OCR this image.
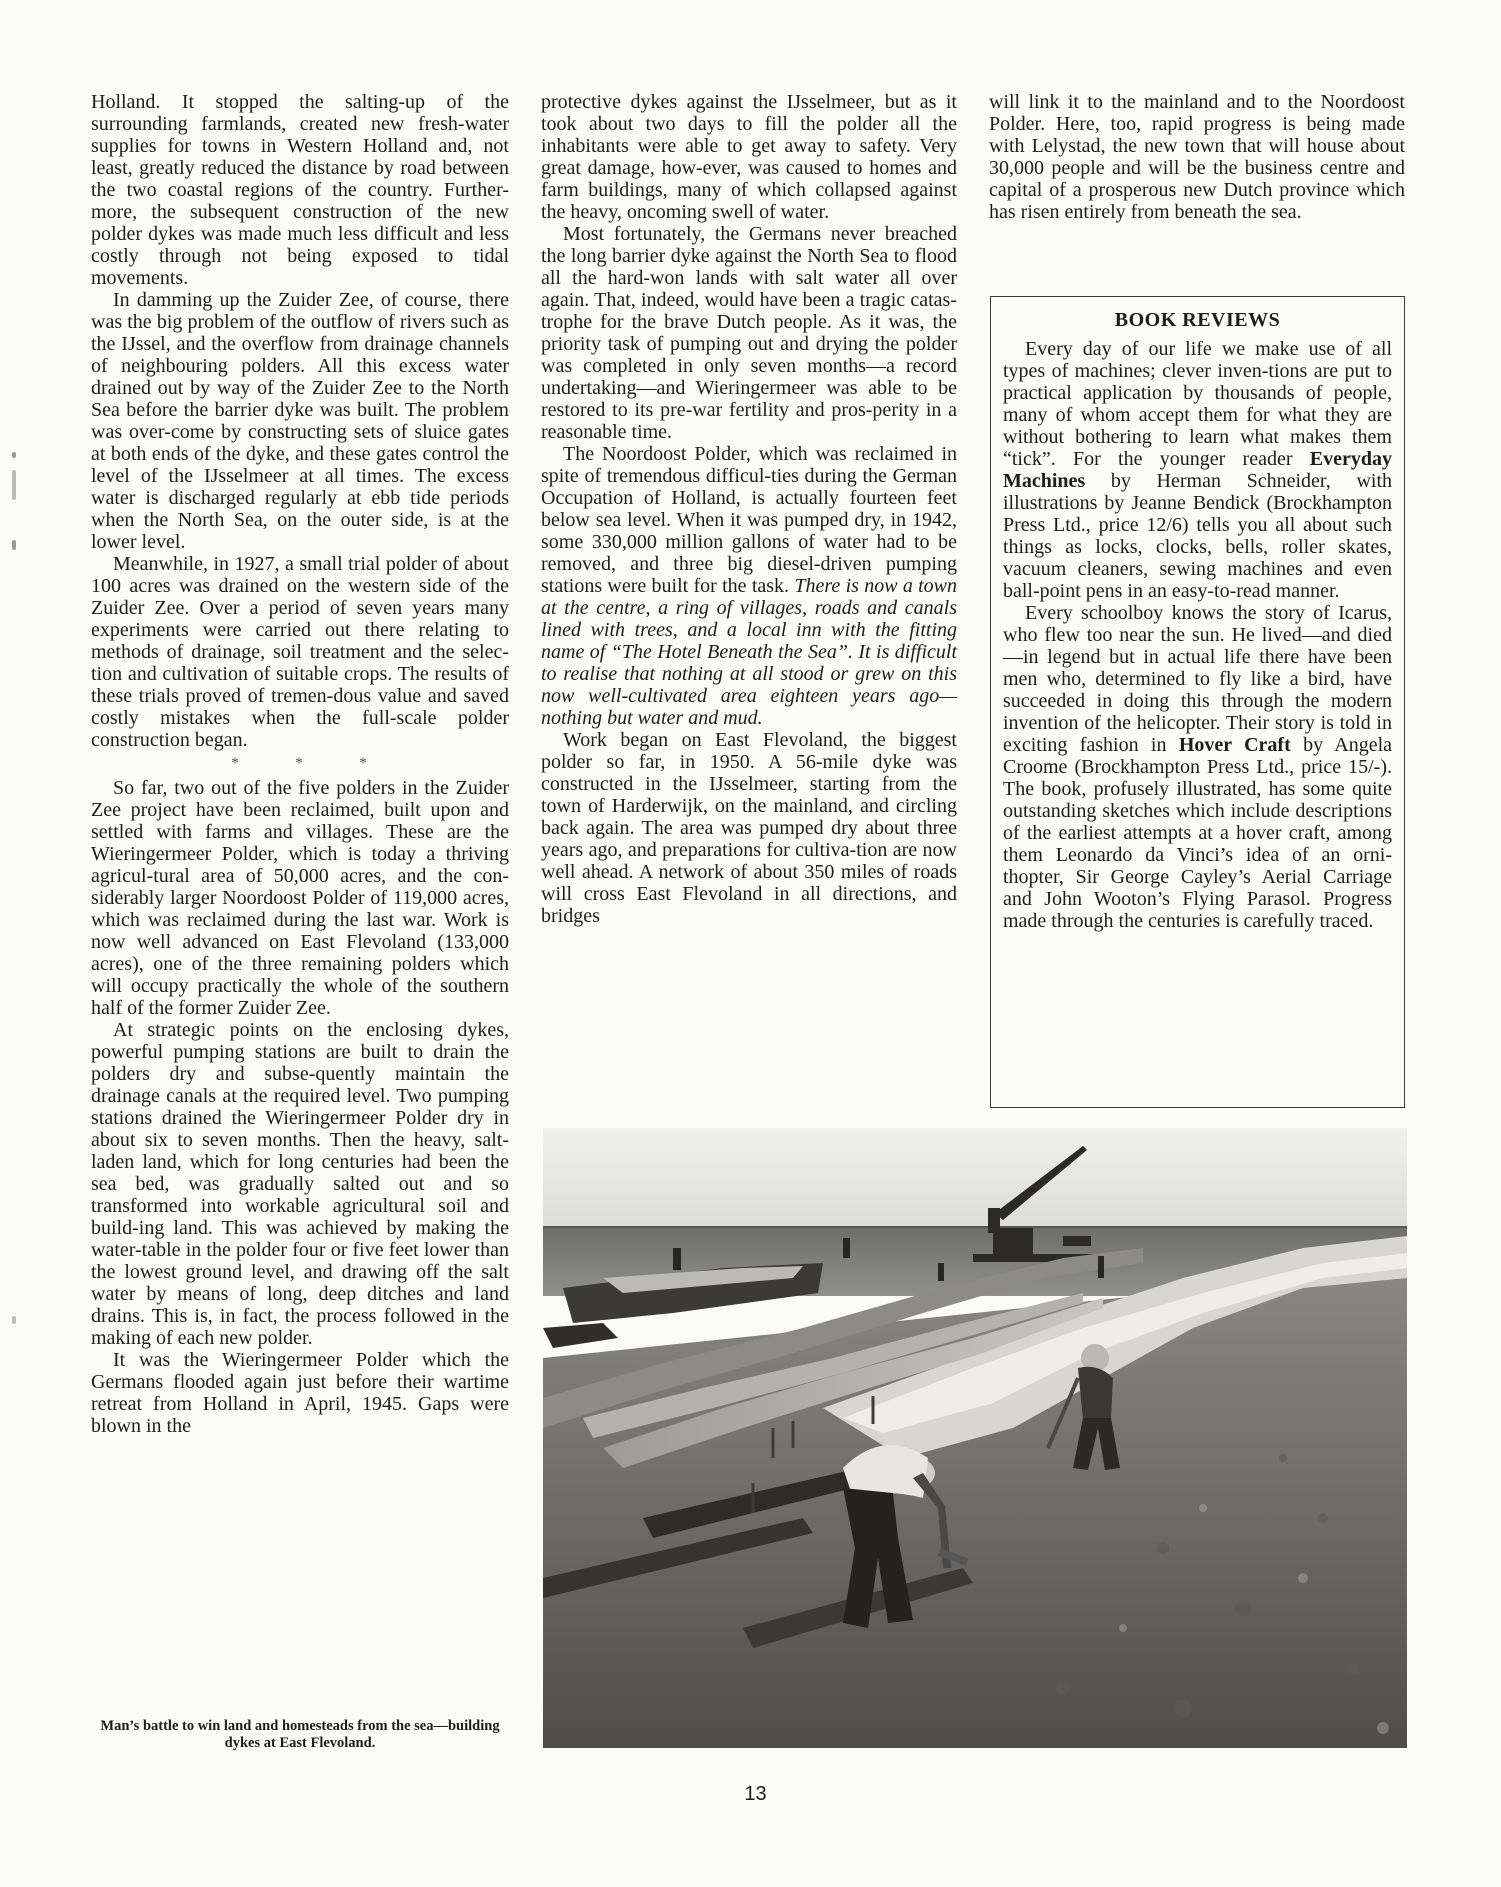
Holland. It stopped the salting-up of the surrounding farmlands, created new fresh-water supplies for towns in Western Holland and, not least, greatly reduced the distance by road between the two coastal regions of the country. Further-more, the subsequent construction of the new polder dykes was made much less difficult and less costly through not being exposed to tidal movements.

In damming up the Zuider Zee, of course, there was the big problem of the outflow of rivers such as the IJssel, and the overflow from drainage channels of neighbouring polders. All this excess water drained out by way of the Zuider Zee to the North Sea before the barrier dyke was built. The problem was over-come by constructing sets of sluice gates at both ends of the dyke, and these gates control the level of the IJsselmeer at all times. The excess water is discharged regularly at ebb tide periods when the North Sea, on the outer side, is at the lower level.

Meanwhile, in 1927, a small trial polder of about 100 acres was drained on the western side of the Zuider Zee. Over a period of seven years many experiments were carried out there relating to methods of drainage, soil treatment and the selec-tion and cultivation of suitable crops. The results of these trials proved of tremen-dous value and saved costly mistakes when the full-scale polder construction began.

* * *

So far, two out of the five polders in the Zuider Zee project have been reclaimed, built upon and settled with farms and villages. These are the Wieringermeer Polder, which is today a thriving agricul-tural area of 50,000 acres, and the con-siderably larger Noordoost Polder of 119,000 acres, which was reclaimed during the last war. Work is now well advanced on East Flevoland (133,000 acres), one of the three remaining polders which will occupy practically the whole of the southern half of the former Zuider Zee.

At strategic points on the enclosing dykes, powerful pumping stations are built to drain the polders dry and subse-quently maintain the drainage canals at the required level. Two pumping stations drained the Wieringermeer Polder dry in about six to seven months. Then the heavy, salt-laden land, which for long centuries had been the sea bed, was gradually salted out and so transformed into workable agricultural soil and build-ing land. This was achieved by making the water-table in the polder four or five feet lower than the lowest ground level, and drawing off the salt water by means of long, deep ditches and land drains. This is, in fact, the process followed in the making of each new polder.

It was the Wieringermeer Polder which the Germans flooded again just before their wartime retreat from Holland in April, 1945. Gaps were blown in the

protective dykes against the IJsselmeer, but as it took about two days to fill the polder all the inhabitants were able to get away to safety. Very great damage, how-ever, was caused to homes and farm buildings, many of which collapsed against the heavy, oncoming swell of water.

Most fortunately, the Germans never breached the long barrier dyke against the North Sea to flood all the hard-won lands with salt water all over again. That, indeed, would have been a tragic catas-trophe for the brave Dutch people. As it was, the priority task of pumping out and drying the polder was completed in only seven months—a record undertaking—and Wieringermeer was able to be restored to its pre-war fertility and pros-perity in a reasonable time.

The Noordoost Polder, which was reclaimed in spite of tremendous difficul-ties during the German Occupation of Holland, is actually fourteen feet below sea level. When it was pumped dry, in 1942, some 330,000 million gallons of water had to be removed, and three big diesel-driven pumping stations were built for the task. There is now a town at the centre, a ring of villages, roads and canals lined with trees, and a local inn with the fitting name of “The Hotel Beneath the Sea”. It is difficult to realise that nothing at all stood or grew on this now well-cultivated area eighteen years ago—nothing but water and mud.

Work began on East Flevoland, the biggest polder so far, in 1950. A 56-mile dyke was constructed in the IJsselmeer, starting from the town of Harderwijk, on the mainland, and circling back again. The area was pumped dry about three years ago, and preparations for cultiva-tion are now well ahead. A network of about 350 miles of roads will cross East Flevoland in all directions, and bridges

will link it to the mainland and to the Noordoost Polder. Here, too, rapid progress is being made with Lelystad, the new town that will house about 30,000 people and will be the business centre and capital of a prosperous new Dutch province which has risen entirely from beneath the sea.

BOOK REVIEWS

Every day of our life we make use of all types of machines; clever inven-tions are put to practical application by thousands of people, many of whom accept them for what they are without bothering to learn what makes them “tick”. For the younger reader Everyday Machines by Herman Schneider, with illustrations by Jeanne Bendick (Brockhampton Press Ltd., price 12/6) tells you all about such things as locks, clocks, bells, roller skates, vacuum cleaners, sewing machines and even ball-point pens in an easy-to-read manner.

Every schoolboy knows the story of Icarus, who flew too near the sun. He lived—and died—in legend but in actual life there have been men who, determined to fly like a bird, have succeeded in doing this through the modern invention of the helicopter. Their story is told in exciting fashion in Hover Craft by Angela Croome (Brockhampton Press Ltd., price 15/-). The book, profusely illustrated, has some quite outstanding sketches which include descriptions of the earliest attempts at a hover craft, among them Leonardo da Vinci’s idea of an orni-thopter, Sir George Cayley’s Aerial Carriage and John Wooton’s Flying Parasol. Progress made through the centuries is carefully traced.

Man’s battle to win land and homesteads from the sea—building dykes at East Flevoland.
13
